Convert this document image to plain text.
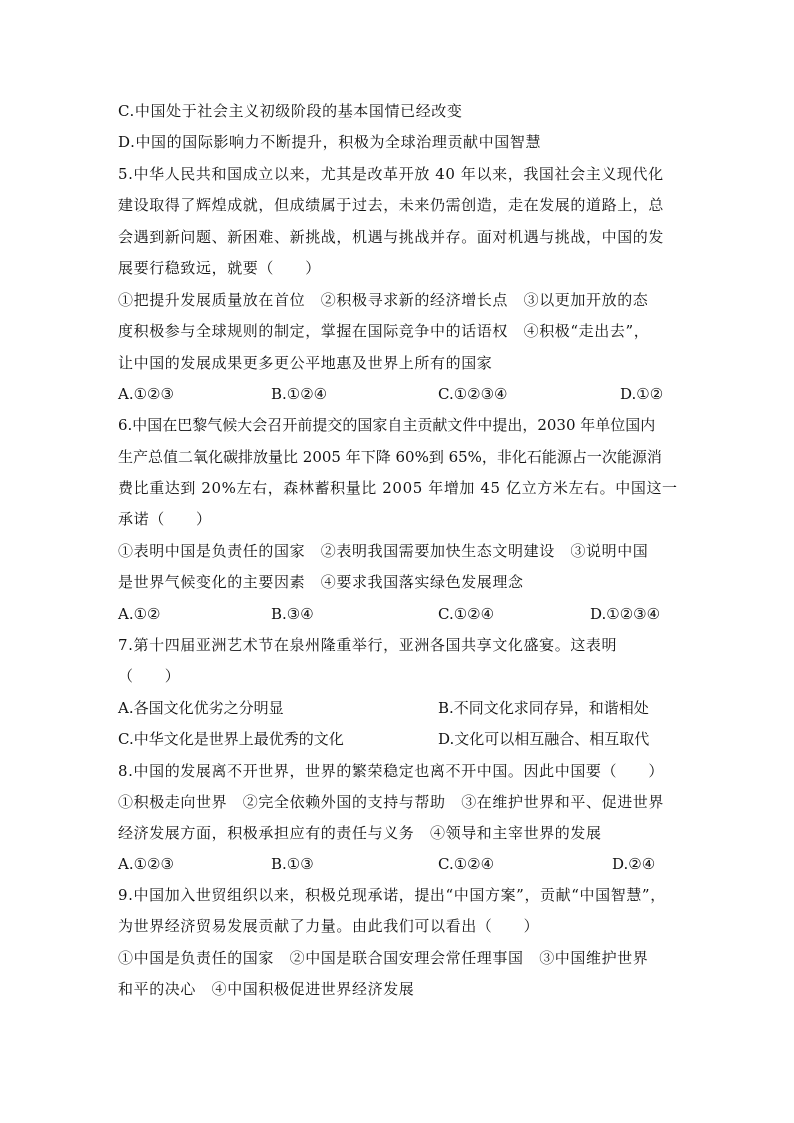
C.中国处于社会主义初级阶段的基本国情已经改变
D.中国的国际影响力不断提升，积极为全球治理贡献中国智慧
5.中华人民共和国成立以来，尤其是改革开放 40 年以来，我国社会主义现代化
建设取得了辉煌成就，但成绩属于过去，未来仍需创造，走在发展的道路上，总
会遇到新问题、新困难、新挑战，机遇与挑战并存。面对机遇与挑战，中国的发
展要行稳致远，就要（　　）
①把提升发展质量放在首位　②积极寻求新的经济增长点　③以更加开放的态
度积极参与全球规则的制定，掌握在国际竞争中的话语权　④积极“走出去”，
让中国的发展成果更多更公平地惠及世界上所有的国家
A.①②③	B.①②④	C.①②③④	D.①②
6.中国在巴黎气候大会召开前提交的国家自主贡献文件中提出，2030 年单位国内
生产总值二氧化碳排放量比 2005 年下降 60%到 65%，非化石能源占一次能源消
费比重达到 20%左右，森林蓄积量比 2005 年增加 45 亿立方米左右。中国这一
承诺（　　）
①表明中国是负责任的国家　②表明我国需要加快生态文明建设　③说明中国
是世界气候变化的主要因素　④要求我国落实绿色发展理念
A.①②	B.③④	C.①②④	D.①②③④
7.第十四届亚洲艺术节在泉州隆重举行，亚洲各国共享文化盛宴。这表明
（　　）
A.各国文化优劣之分明显	B.不同文化求同存异，和谐相处
C.中华文化是世界上最优秀的文化	D.文化可以相互融合、相互取代
8.中国的发展离不开世界，世界的繁荣稳定也离不开中国。因此中国要（　　）
①积极走向世界　②完全依赖外国的支持与帮助　③在维护世界和平、促进世界
经济发展方面，积极承担应有的责任与义务　④领导和主宰世界的发展
A.①②③	B.①③	C.①②④	D.②④
9.中国加入世贸组织以来，积极兑现承诺，提出“中国方案”，贡献“中国智慧”，
为世界经济贸易发展贡献了力量。由此我们可以看出（　　）
①中国是负责任的国家　②中国是联合国安理会常任理事国　③中国维护世界
和平的决心　④中国积极促进世界经济发展
